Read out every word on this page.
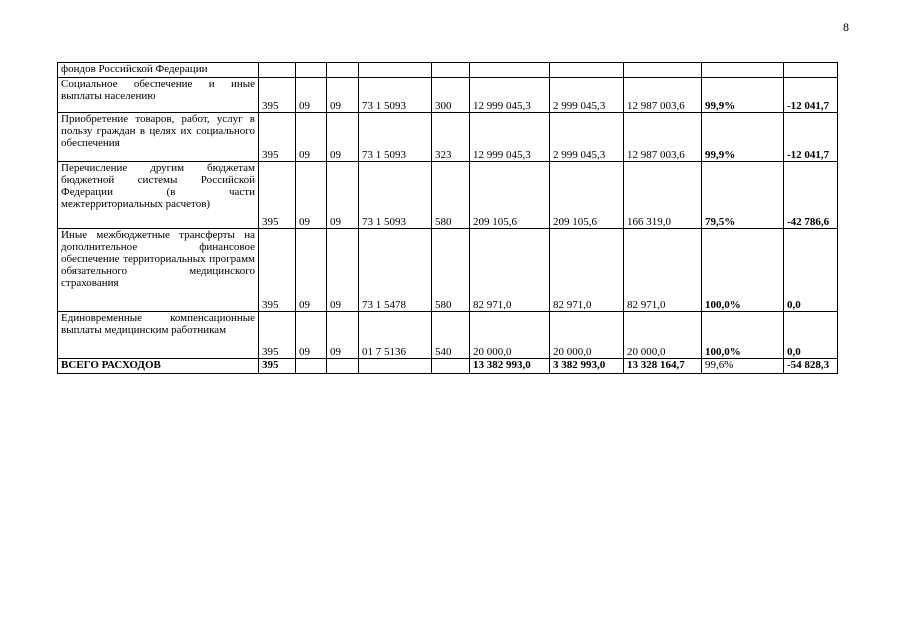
8
фондов Российской Федерации										
Социальное обеспечение и иные выплаты населению	395	09	09	73 1 5093	300	12 999 045,3	2 999 045,3	12 987 003,6	99,9%	-12 041,7
Приобретение товаров, работ, услуг в пользу граждан в целях их социального обеспечения	395	09	09	73 1 5093	323	12 999 045,3	2 999 045,3	12 987 003,6	99,9%	-12 041,7
Перечисление другим бюджетам бюджетной системы Российской Федерации (в части межтерриториальных расчетов)	395	09	09	73 1 5093	580	209 105,6	209 105,6	166 319,0	79,5%	-42 786,6
Иные межбюджетные трансферты на дополнительное финансовое обеспечение территориальных программ обязательного медицинского страхования	395	09	09	73 1 5478	580	82 971,0	82 971,0	82 971,0	100,0%	0,0
Единовременные компенсационные выплаты медицинским работникам	395	09	09	01 7 5136	540	20 000,0	20 000,0	20 000,0	100,0%	0,0
ВСЕГО РАСХОДОВ	395					13 382 993,0	3 382 993,0	13 328 164,7	99,6%	-54 828,3
